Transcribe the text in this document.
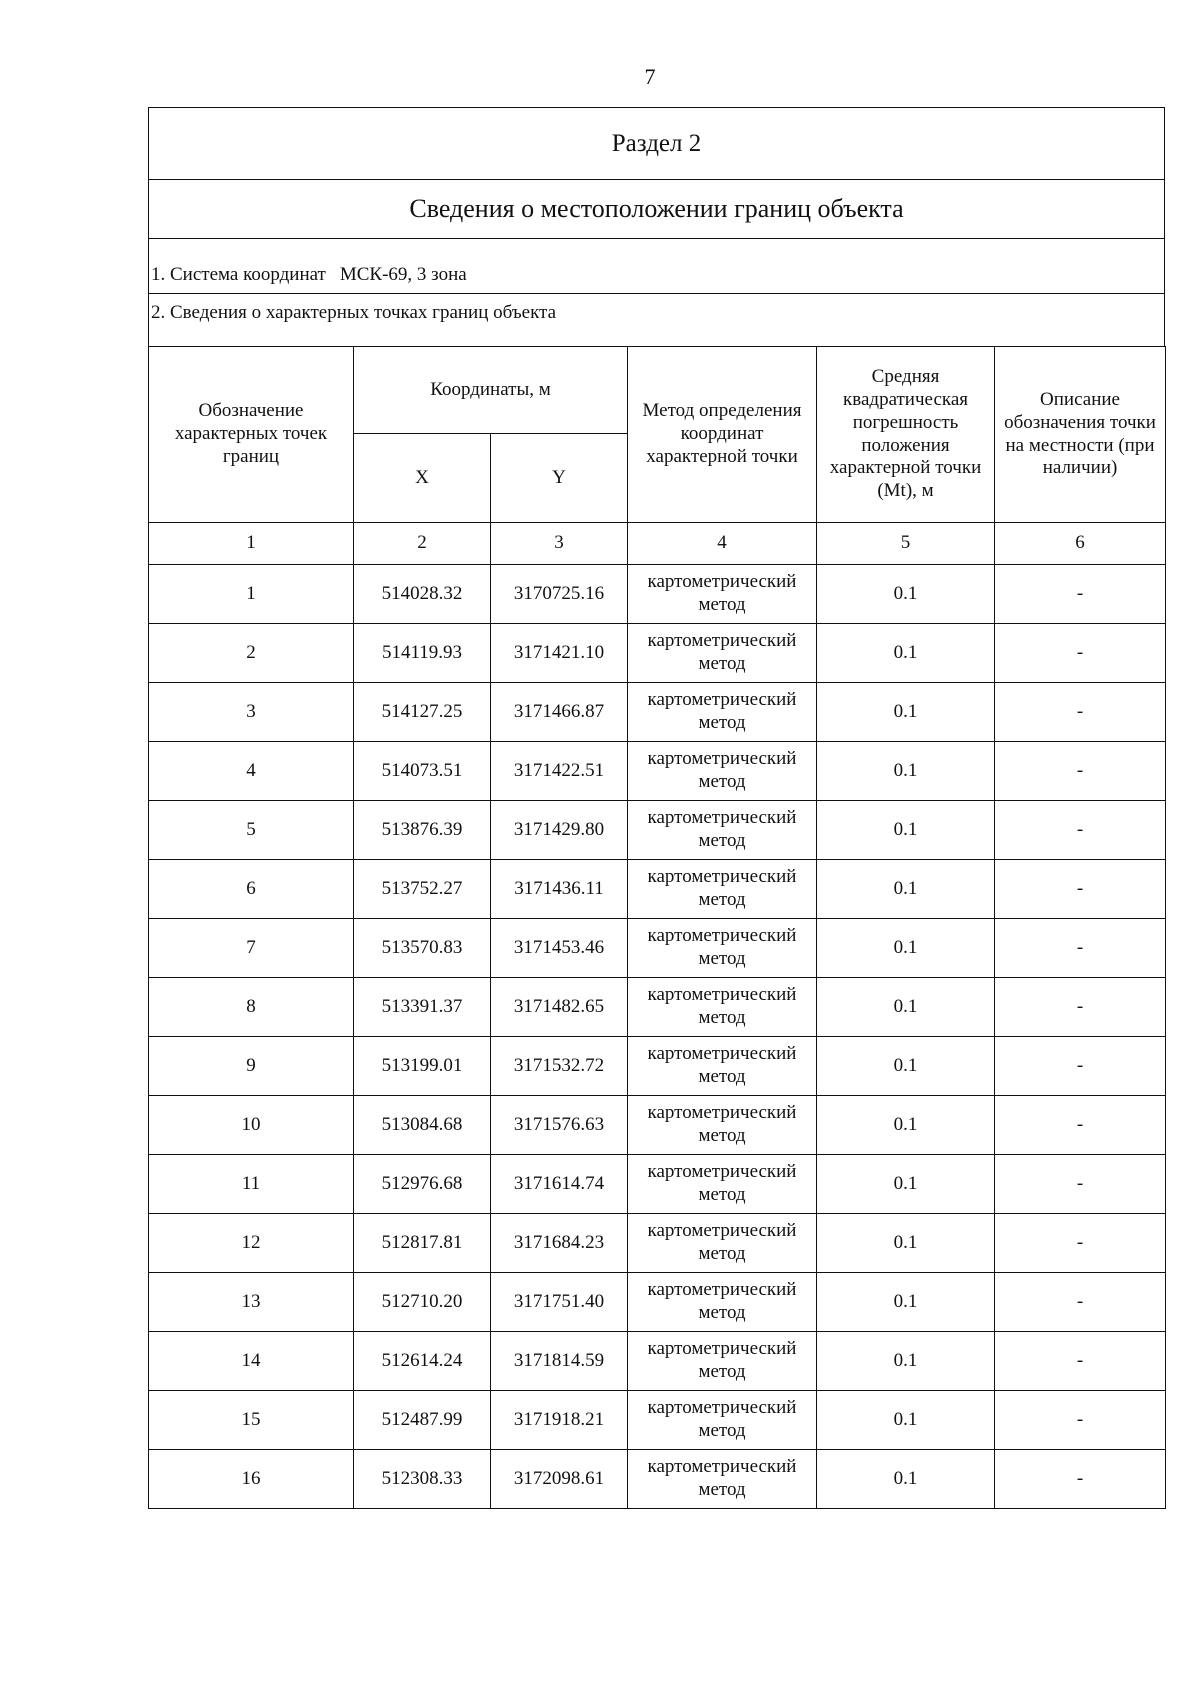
7
Раздел 2
Сведения о местоположении границ объекта
1. Система координат МСК-69, 3 зона
2. Сведения о характерных точках границ объекта
Обозначение характерных точек границ	Координаты, м		Метод определения координат характерной точки	Средняя квадратическая погрешность положения характерной точки (Mt), м	Описание обозначения точки на местности (при наличии)
	X	Y			
1	2	3	4	5	6
1	514028.32	3170725.16	картометрический метод	0.1	-
2	514119.93	3171421.10	картометрический метод	0.1	-
3	514127.25	3171466.87	картометрический метод	0.1	-
4	514073.51	3171422.51	картометрический метод	0.1	-
5	513876.39	3171429.80	картометрический метод	0.1	-
6	513752.27	3171436.11	картометрический метод	0.1	-
7	513570.83	3171453.46	картометрический метод	0.1	-
8	513391.37	3171482.65	картометрический метод	0.1	-
9	513199.01	3171532.72	картометрический метод	0.1	-
10	513084.68	3171576.63	картометрический метод	0.1	-
11	512976.68	3171614.74	картометрический метод	0.1	-
12	512817.81	3171684.23	картометрический метод	0.1	-
13	512710.20	3171751.40	картометрический метод	0.1	-
14	512614.24	3171814.59	картометрический метод	0.1	-
15	512487.99	3171918.21	картометрический метод	0.1	-
16	512308.33	3172098.61	картометрический метод	0.1	-
